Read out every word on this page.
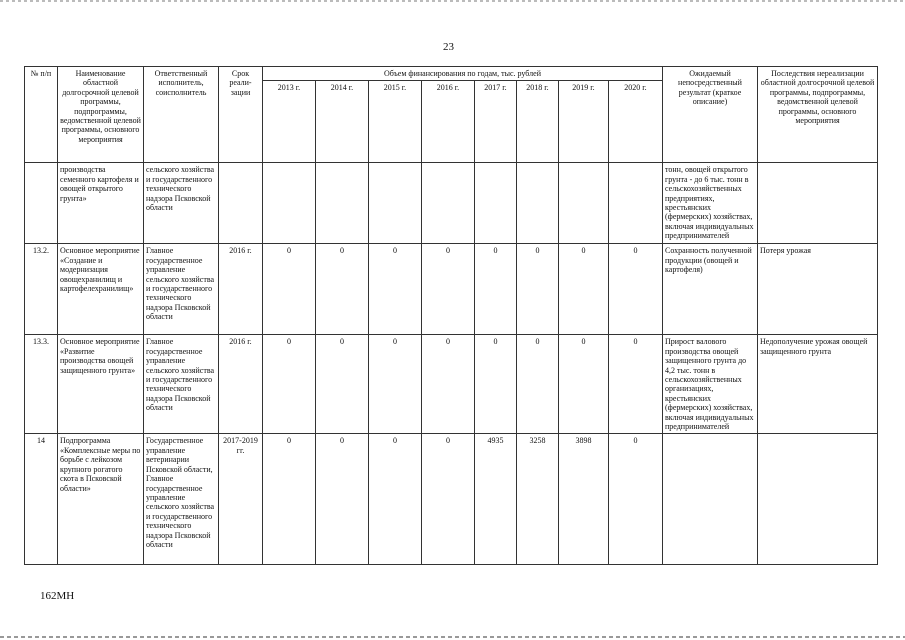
23
№ п/п	Наименование областной долгосрочной целевой программы, подпрограммы, ведомственной целевой программы, основного мероприятия	Ответственный исполнитель, соисполнитель	Срок реали-зации	Объем финансирования по годам, тыс. рублей								Ожидаемый непосредственный результат (краткое описание)	Последствия нереализации областной долгосрочной целевой программы, подпрограммы, ведомственной целевой программы, основного мероприятия
				2013 г.	2014 г.	2015 г.	2016 г.	2017 г.	2018 г.	2019 г.	2020 г.		
	производства семенного картофеля и овощей открытого грунта»	сельского хозяйства и государственного технического надзора Псковской области										тонн, овощей открытого грунта - до 6 тыс. тонн в сельскохозяйственных предприятиях, крестьянских (фермерских) хозяйствах, включая индивидуальных предпринимателей	
13.2.	Основное мероприятие «Создание и модернизация овощехранилищ и картофелехранилищ»	Главное государственное управление сельского хозяйства и государственного технического надзора Псковской области	2016 г.	0	0	0	0	0	0	0	0	Сохранность полученной продукции (овощей и картофеля)	Потеря урожая
13.3.	Основное мероприятие «Развитие производства овощей защищенного грунта»	Главное государственное управление сельского хозяйства и государственного технического надзора Псковской области	2016 г.	0	0	0	0	0	0	0	0	Прирост валового производства овощей защищенного грунта до 4,2 тыс. тонн в сельскохозяйственных организациях, крестьянских (фермерских) хозяйствах, включая индивидуальных предпринимателей	Недополучение урожая овощей защищенного грунта
14	Подпрограмма «Комплексные меры по борьбе с лейкозом крупного рогатого скота в Псковской области»	Государственное управление ветеринарии Псковской области, Главное государственное управление сельского хозяйства и государственного технического надзора Псковской области	2017-2019 гг.	0	0	0	0	4935	3258	3898	0		
162МН
